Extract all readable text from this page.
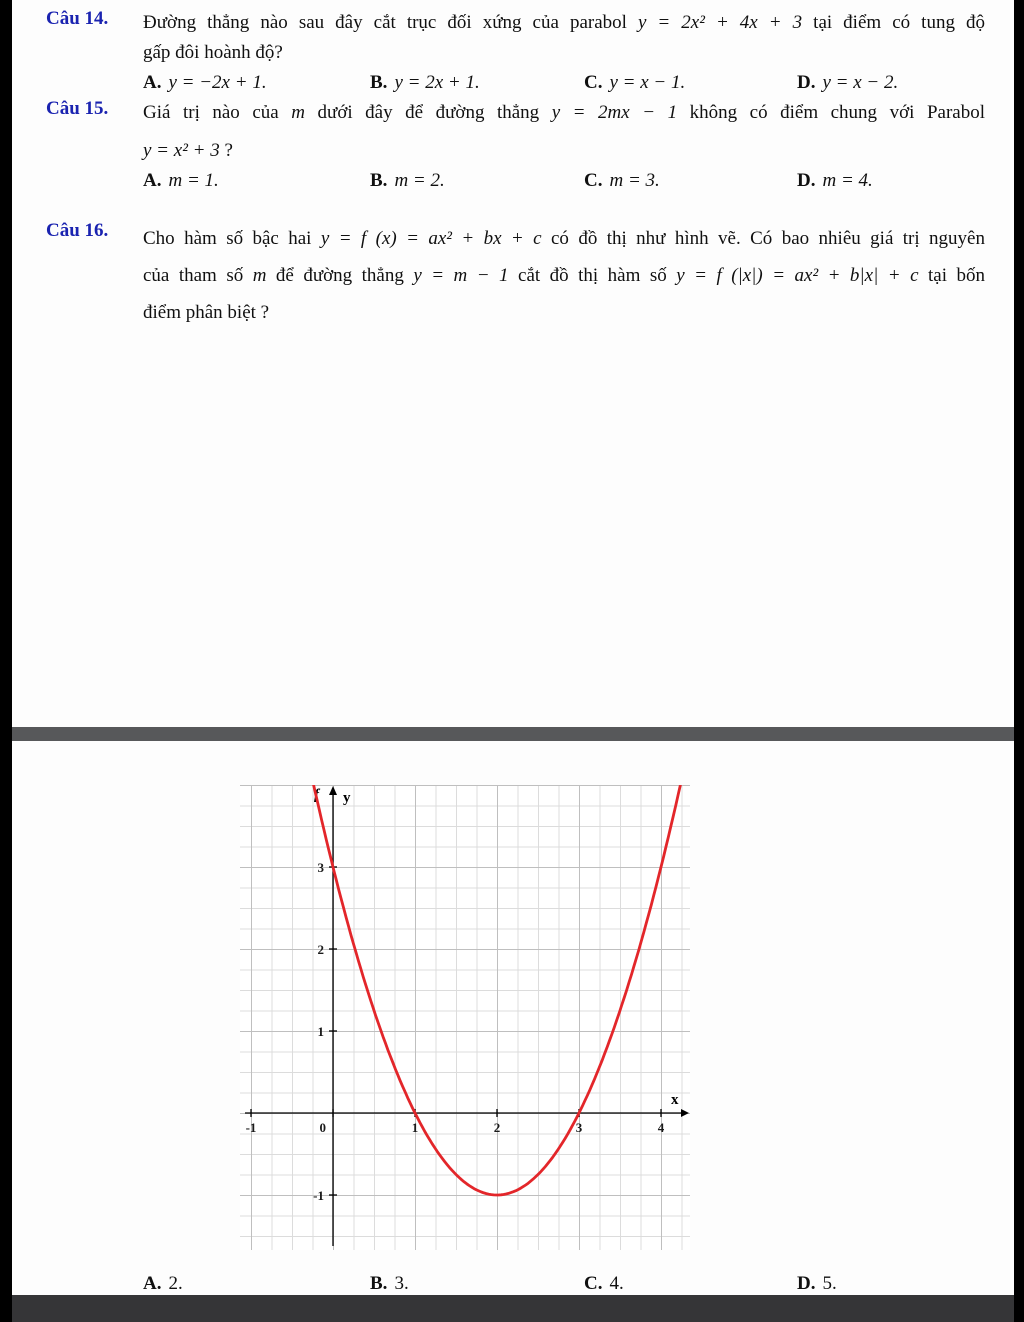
Câu 14.	Đường thẳng nào sau đây cắt trục đối xứng của parabol y = 2x² + 4x + 3 tại điểm có tung độ
gấp đôi hoành độ?
A. y = −2x + 1.	B. y = 2x + 1.	C. y = x − 1.	D. y = x − 2.
Câu 15.	Giá trị nào của m dưới đây để đường thẳng y = 2mx − 1 không có điểm chung với Parabol
y = x² + 3 ?
A. m = 1.	B. m = 2.	C. m = 3.	D. m = 4.
Câu 16.	Cho hàm số bậc hai y = f (x) = ax² + bx + c có đồ thị như hình vẽ. Có bao nhiêu giá trị nguyên
của tham số m để đường thẳng y = m − 1 cắt đồ thị hàm số y = f (|x|) = ax² + b|x| + c tại bốn
điểm phân biệt ?
-1	0	1	2	3	4
3
2
1
-1
y
x
f
A. 2.	B. 3.	C. 4.	D. 5.
